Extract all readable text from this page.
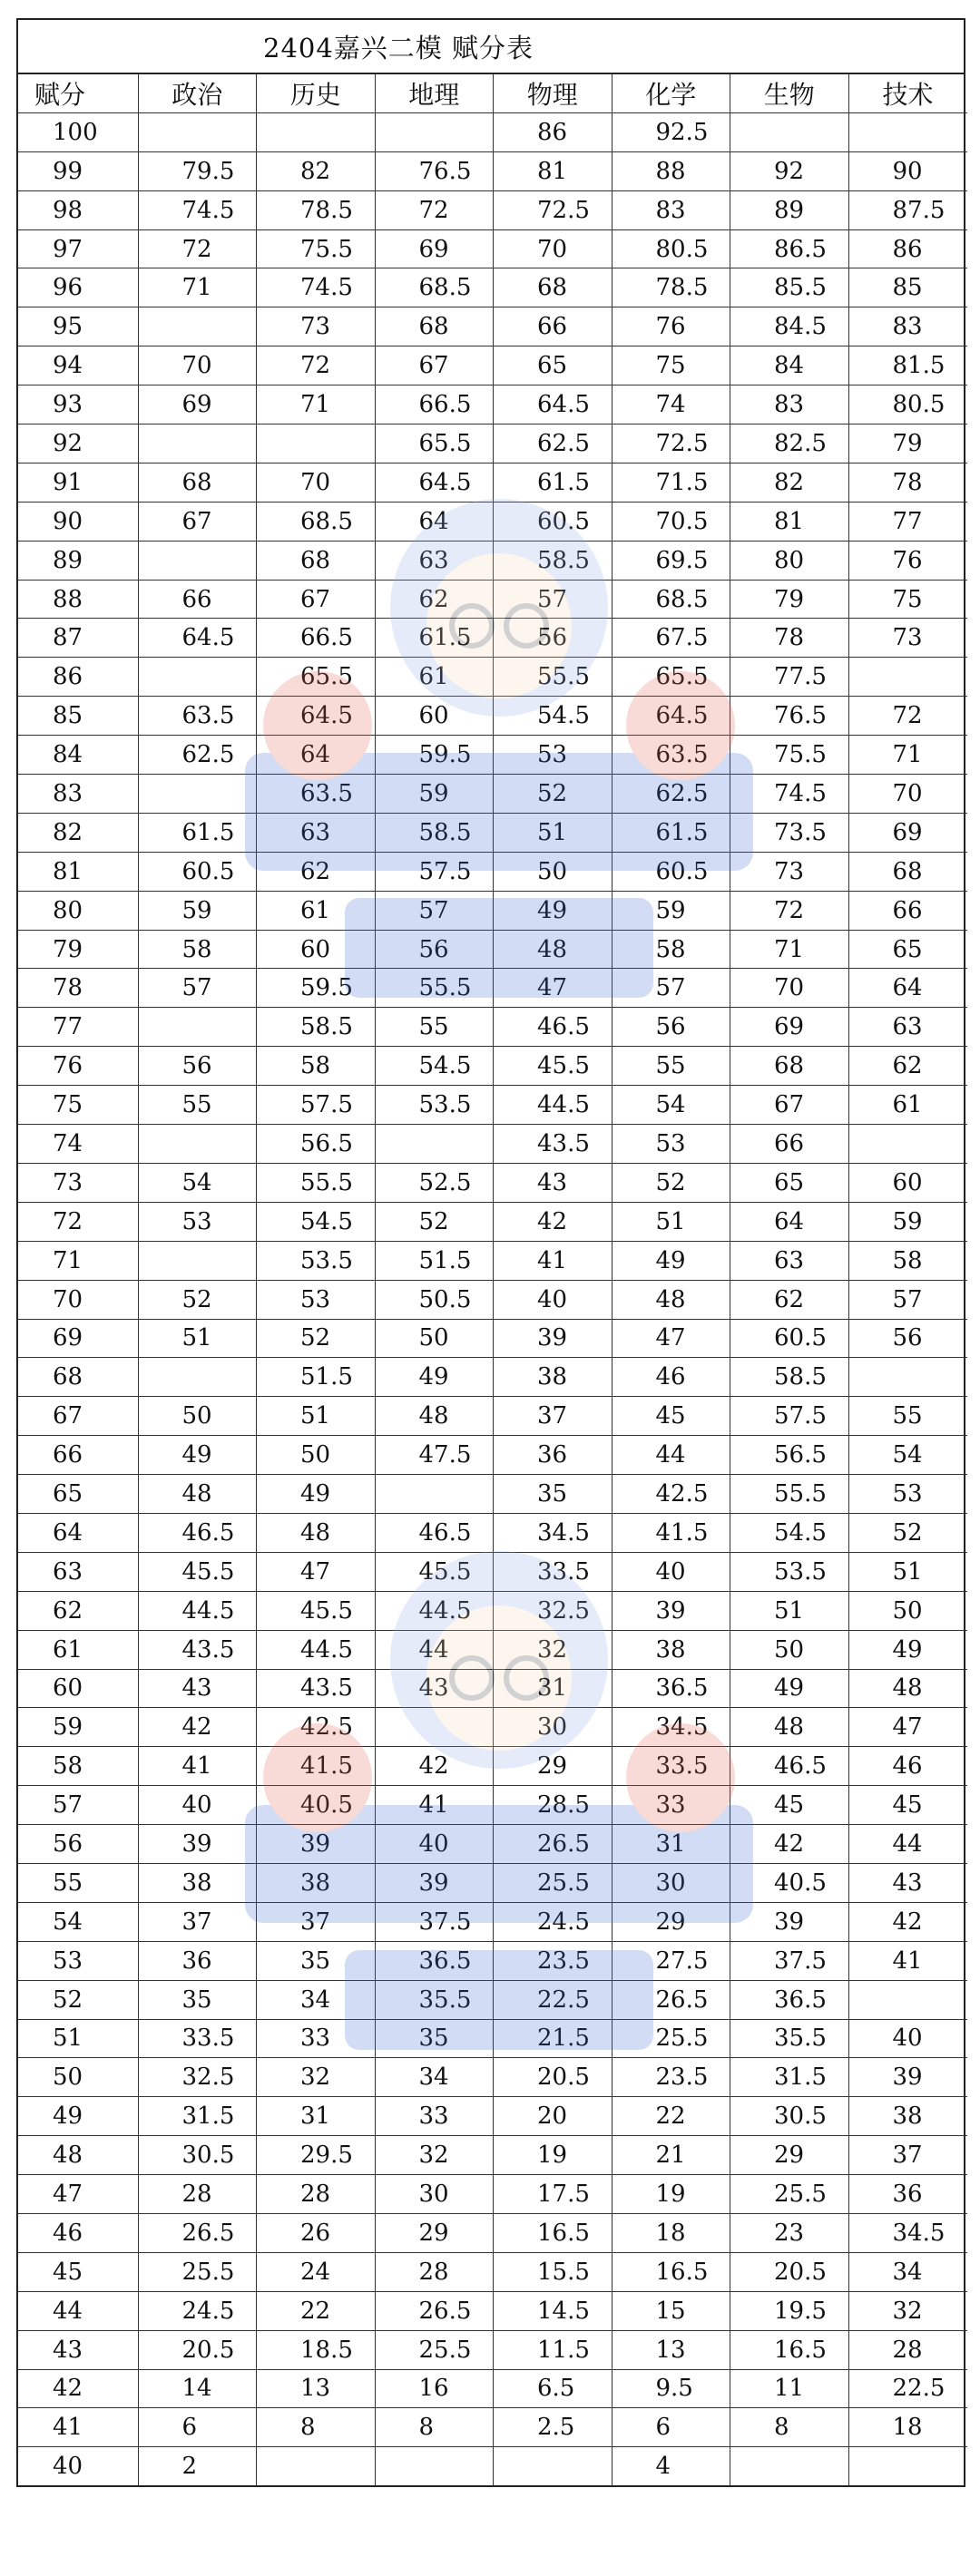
2404嘉兴二模 赋分表
赋分	政治	历史	地理	物理	化学	生物	技术
100				86	92.5		
99	79.5	82	76.5	81	88	92	90
98	74.5	78.5	72	72.5	83	89	87.5
97	72	75.5	69	70	80.5	86.5	86
96	71	74.5	68.5	68	78.5	85.5	85
95		73	68	66	76	84.5	83
94	70	72	67	65	75	84	81.5
93	69	71	66.5	64.5	74	83	80.5
92			65.5	62.5	72.5	82.5	79
91	68	70	64.5	61.5	71.5	82	78
90	67	68.5	64	60.5	70.5	81	77
89		68	63	58.5	69.5	80	76
88	66	67	62	57	68.5	79	75
87	64.5	66.5	61.5	56	67.5	78	73
86		65.5	61	55.5	65.5	77.5	
85	63.5	64.5	60	54.5	64.5	76.5	72
84	62.5	64	59.5	53	63.5	75.5	71
83		63.5	59	52	62.5	74.5	70
82	61.5	63	58.5	51	61.5	73.5	69
81	60.5	62	57.5	50	60.5	73	68
80	59	61	57	49	59	72	66
79	58	60	56	48	58	71	65
78	57	59.5	55.5	47	57	70	64
77		58.5	55	46.5	56	69	63
76	56	58	54.5	45.5	55	68	62
75	55	57.5	53.5	44.5	54	67	61
74		56.5		43.5	53	66	
73	54	55.5	52.5	43	52	65	60
72	53	54.5	52	42	51	64	59
71		53.5	51.5	41	49	63	58
70	52	53	50.5	40	48	62	57
69	51	52	50	39	47	60.5	56
68		51.5	49	38	46	58.5	
67	50	51	48	37	45	57.5	55
66	49	50	47.5	36	44	56.5	54
65	48	49		35	42.5	55.5	53
64	46.5	48	46.5	34.5	41.5	54.5	52
63	45.5	47	45.5	33.5	40	53.5	51
62	44.5	45.5	44.5	32.5	39	51	50
61	43.5	44.5	44	32	38	50	49
60	43	43.5	43	31	36.5	49	48
59	42	42.5		30	34.5	48	47
58	41	41.5	42	29	33.5	46.5	46
57	40	40.5	41	28.5	33	45	45
56	39	39	40	26.5	31	42	44
55	38	38	39	25.5	30	40.5	43
54	37	37	37.5	24.5	29	39	42
53	36	35	36.5	23.5	27.5	37.5	41
52	35	34	35.5	22.5	26.5	36.5	
51	33.5	33	35	21.5	25.5	35.5	40
50	32.5	32	34	20.5	23.5	31.5	39
49	31.5	31	33	20	22	30.5	38
48	30.5	29.5	32	19	21	29	37
47	28	28	30	17.5	19	25.5	36
46	26.5	26	29	16.5	18	23	34.5
45	25.5	24	28	15.5	16.5	20.5	34
44	24.5	22	26.5	14.5	15	19.5	32
43	20.5	18.5	25.5	11.5	13	16.5	28
42	14	13	16	6.5	9.5	11	22.5
41	6	8	8	2.5	6	8	18
40	2				4		
